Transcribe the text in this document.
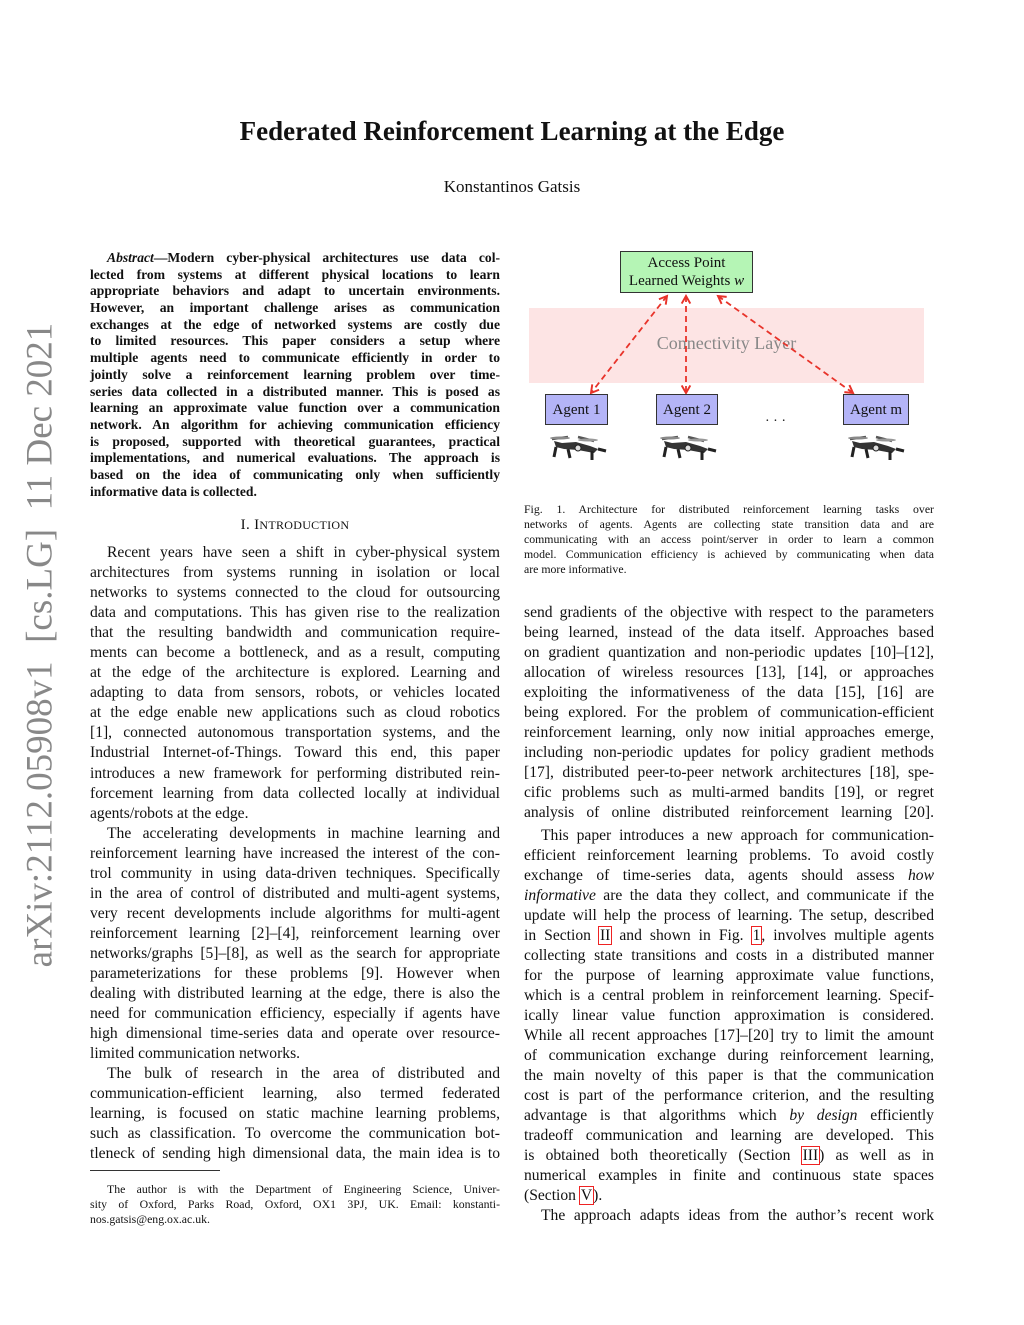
Federated Reinforcement Learning at the Edge
Konstantinos Gatsis
arXiv:2112.05908v1  [cs.LG]  11 Dec 2021
Abstract—Modern cyber-physical architectures use data col-
lected from systems at different physical locations to learn
appropriate behaviors and adapt to uncertain environments.
However, an important challenge arises as communication
exchanges at the edge of networked systems are costly due
to limited resources. This paper considers a setup where
multiple agents need to communicate efficiently in order to
jointly solve a reinforcement learning problem over time-
series data collected in a distributed manner. This is posed as
learning an approximate value function over a communication
network. An algorithm for achieving communication efficiency
is proposed, supported with theoretical guarantees, practical
implementations, and numerical evaluations. The approach is
based on the idea of communicating only when sufficiently
informative data is collected.
I. INTRODUCTION
Recent years have seen a shift in cyber-physical system
architectures from systems running in isolation or local
networks to systems connected to the cloud for outsourcing
data and computations. This has given rise to the realization
that the resulting bandwidth and communication require-
ments can become a bottleneck, and as a result, computing
at the edge of the architecture is explored. Learning and
adapting to data from sensors, robots, or vehicles located
at the edge enable new applications such as cloud robotics
[1], connected autonomous transportation systems, and the
Industrial Internet-of-Things. Toward this end, this paper
introduces a new framework for performing distributed rein-
forcement learning from data collected locally at individual
agents/robots at the edge.
The accelerating developments in machine learning and
reinforcement learning have increased the interest of the con-
trol community in using data-driven techniques. Specifically
in the area of control of distributed and multi-agent systems,
very recent developments include algorithms for multi-agent
reinforcement learning [2]–[4], reinforcement learning over
networks/graphs [5]–[8], as well as the search for appropriate
parameterizations for these problems [9]. However when
dealing with distributed learning at the edge, there is also the
need for communication efficiency, especially if agents have
high dimensional time-series data and operate over resource-
limited communication networks.
The bulk of research in the area of distributed and
communication-efficient learning, also termed federated
learning, is focused on static machine learning problems,
such as classification. To overcome the communication bot-
tleneck of sending high dimensional data, the main idea is to
The author is with the Department of Engineering Science, Univer-
sity of Oxford, Parks Road, Oxford, OX1 3PJ, UK. Email: konstanti-
nos.gatsis@eng.ox.ac.uk.
Connectivity Layer
Access Point
Learned Weights w
Agent 1	Agent 2	Agent m
· · ·
Fig. 1. Architecture for distributed reinforcement learning tasks over
networks of agents. Agents are collecting state transition data and are
communicating with an access point/server in order to learn a common
model. Communication efficiency is achieved by communicating when data
are more informative.
send gradients of the objective with respect to the parameters
being learned, instead of the data itself. Approaches based
on gradient quantization and non-periodic updates [10]–[12],
allocation of wireless resources [13], [14], or approaches
exploiting the informativeness of the data [15], [16] are
being explored. For the problem of communication-efficient
reinforcement learning, only now initial approaches emerge,
including non-periodic updates for policy gradient methods
[17], distributed peer-to-peer network architectures [18], spe-
cific problems such as multi-armed bandits [19], or regret
analysis of online distributed reinforcement learning [20].
This paper introduces a new approach for communication-
efficient reinforcement learning problems. To avoid costly
exchange of time-series data, agents should assess how
informative are the data they collect, and communicate if the
update will help the process of learning. The setup, described
in Section II and shown in Fig. 1, involves multiple agents
collecting state transitions and costs in a distributed manner
for the purpose of learning approximate value functions,
which is a central problem in reinforcement learning. Specif-
ically linear value function approximation is considered.
While all recent approaches [17]–[20] try to limit the amount
of communication exchange during reinforcement learning,
the main novelty of this paper is that the communication
cost is part of the performance criterion, and the resulting
advantage is that algorithms which by design efficiently
tradeoff communication and learning are developed. This
is obtained both theoretically (Section III) as well as in
numerical examples in finite and continuous state spaces
(Section V).
The approach adapts ideas from the author’s recent work
